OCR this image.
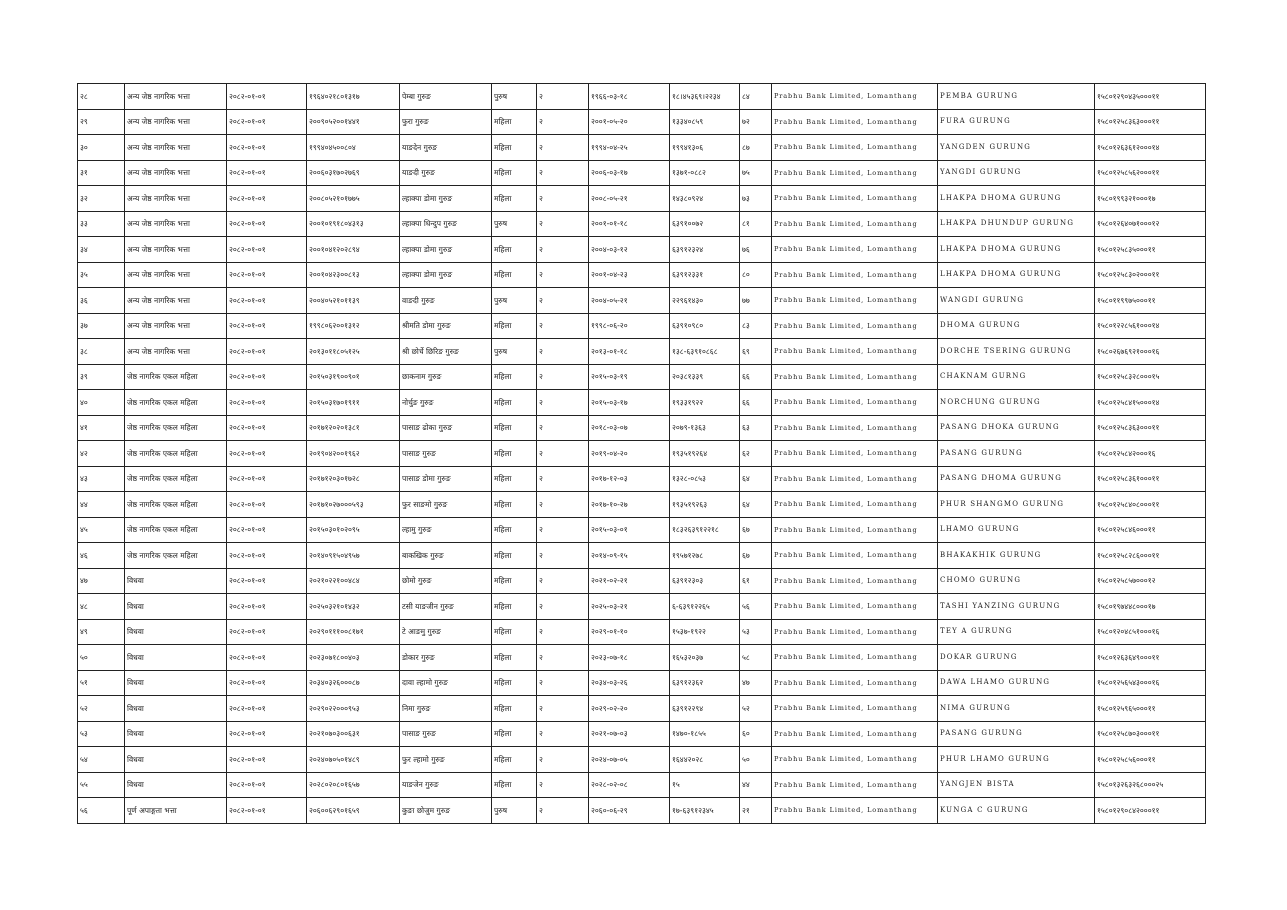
२८	अन्य जेष्ठ नागरिक भत्ता	२०८२-०१-०१	१९६४०२१८०१३१७	पेम्बा गुरुङ	पुरुष	२	१९६६-०३-१८	१८।४५३६९।२२३४	८४	Prabhu Bank Limited, Lomanthang	PEMBA GURUNG	१५८०१२९०४३५०००११
२९	अन्य जेष्ठ नागरिक भत्ता	२०८२-०१-०१	२००९०५२००१४४१	फुरा गुरुङ	महिला	२	२००१-०५-२०	१३३४०८५९	७२	Prabhu Bank Limited, Lomanthang	FURA GURUNG	१५८०१२५८३६३०००११
३०	अन्य जेष्ठ नागरिक भत्ता	२०८२-०१-०१	१९९४०४५००८०४	याङदेन गुरुङ	महिला	२	१९९४-०४-२५	१९९४१३०६	८७	Prabhu Bank Limited, Lomanthang	YANGDEN GURUNG	१५८०१२६३६१२०००१४
३१	अन्य जेष्ठ नागरिक भत्ता	२०८२-०१-०१	२००६०३१७०२७६९	याङदी गुरुङ	महिला	२	२००६-०३-१७	१३७१-०८८२	७५	Prabhu Bank Limited, Lomanthang	YANGDI GURUNG	१५८०१२५८५६२०००११
३२	अन्य जेष्ठ नागरिक भत्ता	२०८२-०१-०१	२००८०५२१०१७७५	ल्हाक्पा डोमा गुरुङ	महिला	२	२००८-०५-२१	१४३८०९२४	७३	Prabhu Bank Limited, Lomanthang	LHAKPA DHOMA GURUNG	१५८०१९९३२१०००१७
३३	अन्य जेष्ठ नागरिक भत्ता	२०८२-०१-०१	२००१०१९१८०४३१३	ल्हाक्पा धिन्दुप गुरुङ	पुरुष	२	२००१-०१-१८	६३९१००७२	८१	Prabhu Bank Limited, Lomanthang	LHAKPA DHUNDUP GURUNG	१५८०१२६४०७१०००१२
३४	अन्य जेष्ठ नागरिक भत्ता	२०८२-०१-०१	२००१०४१२०२८९४	ल्हाक्पा डोमा गुरुङ	महिला	२	२००४-०३-१२	६३९१२३२४	७६	Prabhu Bank Limited, Lomanthang	LHAKPA DHOMA GURUNG	१५८०१२५८३५०००११
३५	अन्य जेष्ठ नागरिक भत्ता	२०८२-०१-०१	२००१०४२३००८१३	ल्हाक्पा डोमा गुरुङ	महिला	२	२००१-०४-२३	६३९१२३३१	८०	Prabhu Bank Limited, Lomanthang	LHAKPA DHOMA GURUNG	१५८०१२५८३०२०००११
३६	अन्य जेष्ठ नागरिक भत्ता	२०८२-०१-०१	२००४०५२१०११३९	वाङदी गुरुङ	पुरुष	२	२००४-०५-२१	२२९६१४३०	७७	Prabhu Bank Limited, Lomanthang	WANGDI GURUNG	१५८०११९९७५०००११
३७	अन्य जेष्ठ नागरिक भत्ता	२०८२-०१-०१	१९९८०६२००१३१२	श्रीमति डोमा गुरुङ	महिला	२	१९९८-०६-२०	६३९१०९८०	८३	Prabhu Bank Limited, Lomanthang	DHOMA GURUNG	१५८०१२२८५६१०००१४
३८	अन्य जेष्ठ नागरिक भत्ता	२०८२-०१-०१	२०१३०११८०५१२५	श्री छोर्चे छिरिङ गुरुङ	पुरुष	२	२०१३-०१-१८	१३८-६३९१०८६८	६९	Prabhu Bank Limited, Lomanthang	DORCHE TSERING GURUNG	१५८०२६७६९२१०००१६
३९	जेष्ठ नागरिक एकल महिला	२०८२-०१-०१	२०१५०३१९००९०१	छाकनाम गुरुङ	महिला	२	२०१५-०३-१९	२०३८१३३९	६६	Prabhu Bank Limited, Lomanthang	CHAKNAM GURNG	१५८०१२५८३२८०००१५
४०	जेष्ठ नागरिक एकल महिला	२०८२-०१-०१	२०१५०३१७०१९११	नोर्चुङ गुरुङ	महिला	२	२०१५-०३-१७	१९३३१९२२	६६	Prabhu Bank Limited, Lomanthang	NORCHUNG GURUNG	१५८०१२५८४१५०००१४
४१	जेष्ठ नागरिक एकल महिला	२०८२-०१-०१	२०१७१२०२०१३८१	पासाङ ढोका गुरुङ	महिला	२	२०१८-०३-०७	२०७९-१३६३	६३	Prabhu Bank Limited, Lomanthang	PASANG DHOKA GURUNG	१५८०१२५८३६३०००११
४२	जेष्ठ नागरिक एकल महिला	२०८२-०१-०१	२०१९०४२००१९६२	पासाङ गुरुङ	महिला	२	२०१९-०४-२०	१९३५१९२६४	६२	Prabhu Bank Limited, Lomanthang	PASANG GURUNG	१५८०१२५८४२०००१६
४३	जेष्ठ नागरिक एकल महिला	२०८२-०१-०१	२०१७१२०३०१७२८	पासाङ डोमा गुरुङ	महिला	२	२०१७-१२-०३	१३२८-०८५३	६४	Prabhu Bank Limited, Lomanthang	PASANG DHOMA GURUNG	१५८०१२५८३६१०००११
४४	जेष्ठ नागरिक एकल महिला	२०८२-०१-०१	२०१७१०२७०००५९३	फुर साङमो गुरुङ	महिला	२	२०१७-१०-२७	१९३५१९२६३	६४	Prabhu Bank Limited, Lomanthang	PHUR SHANGMO GURUNG	१५८०१२५८४०८०००११
४५	जेष्ठ नागरिक एकल महिला	२०८२-०१-०१	२०१५०३०१०२०९५	ल्हामु गुरुङ	महिला	२	२०१५-०३-०१	१८३२६३९१२२१८	६७	Prabhu Bank Limited, Lomanthang	LHAMO GURUNG	१५८०१२५८४६०००११
४६	जेष्ठ नागरिक एकल महिला	२०८२-०१-०१	२०१४०९१५०४९५७	बाकखिक गुरुङ	महिला	२	२०१४-०९-१५	१९५७१२७८	६७	Prabhu Bank Limited, Lomanthang	BHAKAKHIK GURUNG	१५८०१२५८२८६०००११
४७	विधवा	२०८२-०१-०१	२०२१०२२१००४८४	छोमो गुरुङ	महिला	२	२०२१-०२-२१	६३९१२३०३	६१	Prabhu Bank Limited, Lomanthang	CHOMO GURUNG	१५८०१२५८५७०००१२
४८	विधवा	२०८२-०१-०१	२०२५०३२१०१४३२	टसी याङजीन गुरुङ	महिला	२	२०२५-०३-२१	६-६३९१२२६५	५६	Prabhu Bank Limited, Lomanthang	TASHI YANZING GURUNG	१५८०१९७४४८०००१७
४९	विधवा	२०८२-०१-०१	२०२९०१११००८१७१	टे आङमु गुरुङ	महिला	२	२०२९-०१-१०	१५३७-१९२२	५३	Prabhu Bank Limited, Lomanthang	TEY A GURUNG	१५८०१२०४८५१०००१६
५०	विधवा	२०८२-०१-०१	२०२३०७१८००४०३	डोकार गुरुङ	महिला	२	२०२३-०७-१८	१६५३२०३७	५८	Prabhu Bank Limited, Lomanthang	DOKAR GURUNG	१५८०१२६३६४९०००११
५१	विधवा	२०८२-०१-०१	२०३४०३२६०००८७	दावा ल्हामो गुरुङ	महिला	२	२०३४-०३-२६	६३९१२३६२	४७	Prabhu Bank Limited, Lomanthang	DAWA LHAMO GURUNG	१५८०१२५६५४३०००१६
५२	विधवा	२०८२-०१-०१	२०२९०२२०००९५३	निमा गुरुङ	महिला	२	२०२९-०२-२०	६३९१२२९४	५२	Prabhu Bank Limited, Lomanthang	NIMA GURUNG	१५८०१२५९६५०००११
५३	विधवा	२०८२-०१-०१	२०२१०७०३००६३१	पासाङ गुरुङ	महिला	२	२०२१-०७-०३	१४७०-१८५५	६०	Prabhu Bank Limited, Lomanthang	PASANG GURUNG	१५८०१२५८७०३०००११
५४	विधवा	२०८२-०१-०१	२०२४०७०५०१४८९	फुर ल्हामो गुरुङ	महिला	२	२०२४-०७-०५	१६४४२०२८	५०	Prabhu Bank Limited, Lomanthang	PHUR LHAMO GURUNG	१५८०१२५८५६०००११
५५	विधवा	२०८२-०१-०१	२०२८०२०८०१६५७	याङजेन गुरुङ	महिला	२	२०२८-०२-०८	१५	४४	Prabhu Bank Limited, Lomanthang	YANGJEN BISTA	१५८०१३२६३२६८०००२५
५६	पूर्ण अपाङ्गता भत्ता	२०८२-०१-०१	२०६००६२९०१६५९	कुङा छोजुम गुरुङ	पुरुष	२	२०६०-०६-२९	१७-६३९१२३४५	२१	Prabhu Bank Limited, Lomanthang	KUNGA C GURUNG	१५८०१२९०८४२०००११
